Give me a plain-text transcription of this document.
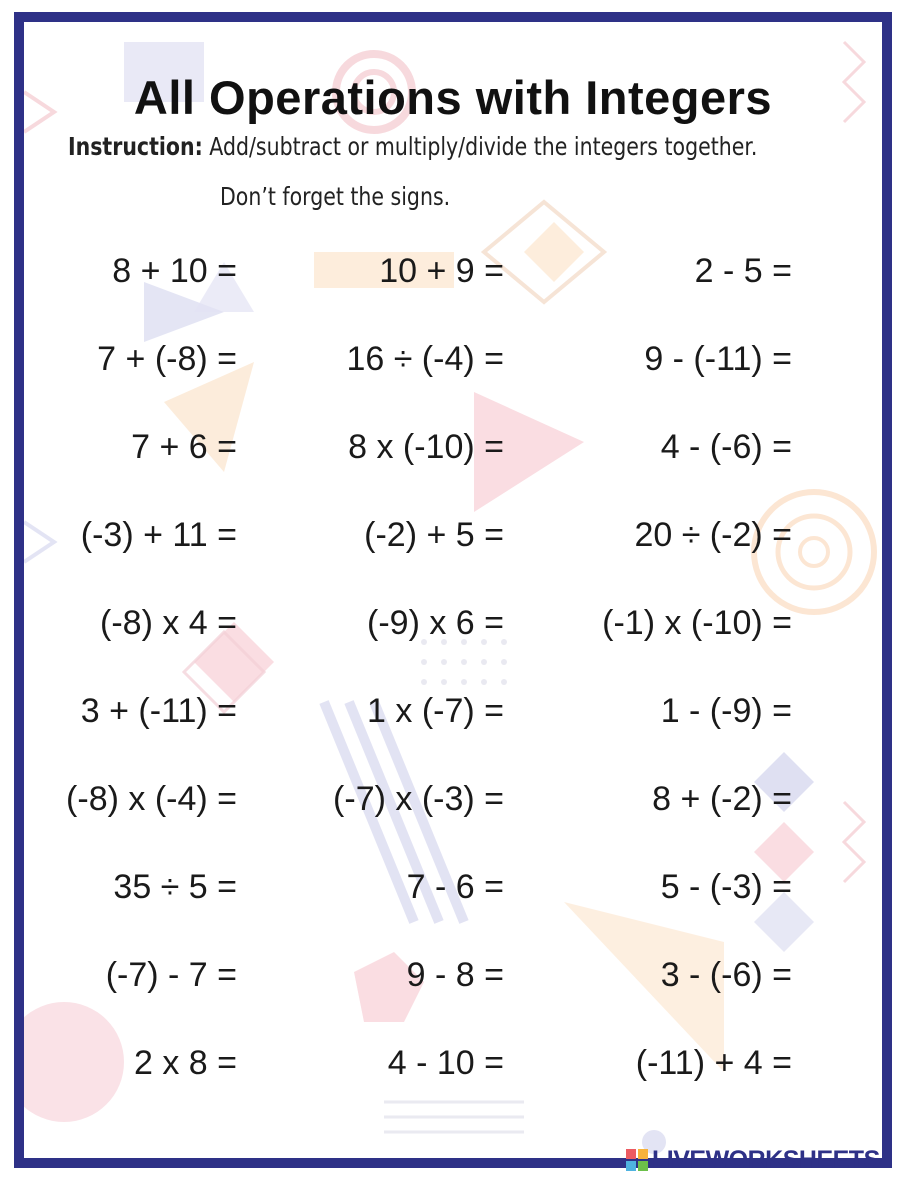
All Operations with Integers
Instruction: Add/subtract or multiply/divide the integers together.
Don’t forget the signs.
8 + 10 =	10 + 9 =	2 - 5 =
7 + (-8) =	16 ÷ (-4) =	9 - (-11) =
7 + 6 =	8 x (-10) =	4 - (-6) =
(-3) + 11 =	(-2) + 5 =	20 ÷ (-2) =
(-8) x 4 =	(-9) x 6 =	(-1) x (-10) =
3 + (-11) =	1 x (-7) =	1 - (-9) =
(-8) x (-4) =	(-7) x (-3) =	8 + (-2) =
35 ÷ 5 =	7 - 6 =	5 - (-3) =
(-7) - 7 =	9 - 8 =	3 - (-6) =
2 x 8 =	4 - 10 =	(-11) + 4 =
LIVEWORKSHEETS
